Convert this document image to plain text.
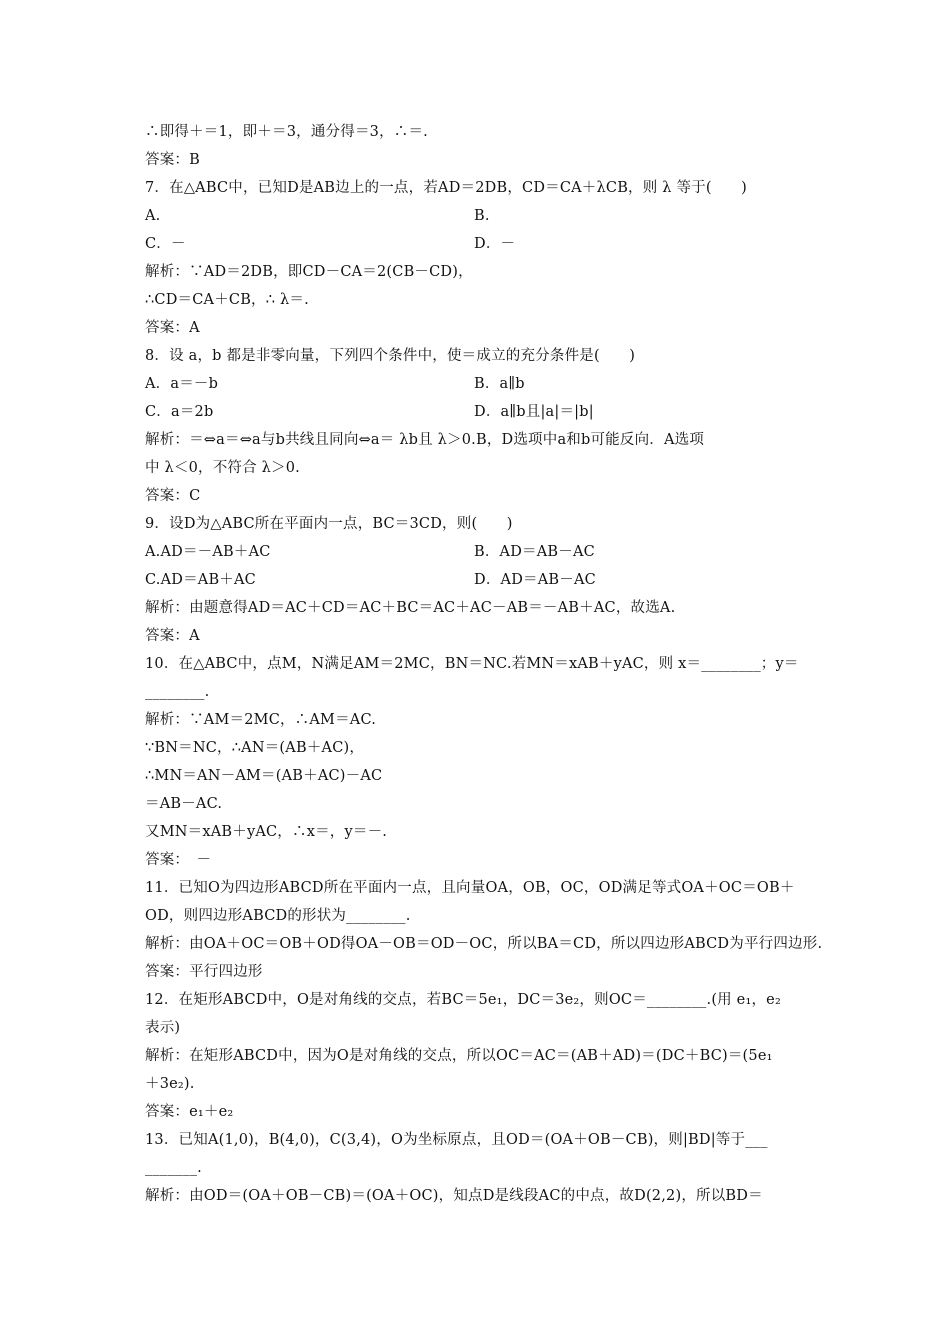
∴即得＋＝1，即＋＝3，通分得＝3，∴＝.
答案：B
7．在△ABC中，已知D是AB边上的一点，若AD＝2DB，CD＝CA＋λCB，则 λ 等于(　　)
A.	B.
C．－	D．－
解析：∵AD＝2DB，即CD－CA＝2(CB－CD)，
∴CD＝CA＋CB，∴ λ＝.
答案：A
8．设 a，b 都是非零向量，下列四个条件中，使＝成立的充分条件是(　　)
A．a＝－b	B．a∥b
C．a＝2b	D．a∥b且|a|＝|b|
解析：＝⇔a＝⇔a与b共线且同向⇔a＝ λb且 λ＞0.B，D选项中a和b可能反向．A选项
中 λ＜0，不符合 λ＞0.
答案：C
9．设D为△ABC所在平面内一点，BC＝3CD，则(　　)
A.AD＝－AB＋AC	B．AD＝AB－AC
C.AD＝AB＋AC	D．AD＝AB－AC
解析：由题意得AD＝AC＋CD＝AC＋BC＝AC＋AC－AB＝－AB＋AC，故选A.
答案：A
10．在△ABC中，点M，N满足AM＝2MC，BN＝NC.若MN＝xAB＋yAC，则 x＝________；y＝
________.
解析：∵AM＝2MC，∴AM＝AC.
∵BN＝NC，∴AN＝(AB＋AC)，
∴MN＝AN－AM＝(AB＋AC)－AC
＝AB－AC.
又MN＝xAB＋yAC，∴x＝，y＝－.
答案：　－
11．已知O为四边形ABCD所在平面内一点，且向量OA，OB，OC，OD满足等式OA＋OC＝OB＋
OD，则四边形ABCD的形状为________.
解析：由OA＋OC＝OB＋OD得OA－OB＝OD－OC，所以BA＝CD，所以四边形ABCD为平行四边形.
答案：平行四边形
12．在矩形ABCD中，O是对角线的交点，若BC＝5e₁，DC＝3e₂，则OC＝________.(用 e₁，e₂
表示)
解析：在矩形ABCD中，因为O是对角线的交点，所以OC＝AC＝(AB＋AD)＝(DC＋BC)＝(5e₁
＋3e₂).
答案：e₁＋e₂
13．已知A(1,0)，B(4,0)，C(3,4)，O为坐标原点，且OD＝(OA＋OB－CB)，则|BD|等于___
_______.
解析：由OD＝(OA＋OB－CB)＝(OA＋OC)，知点D是线段AC的中点，故D(2,2)，所以BD＝
